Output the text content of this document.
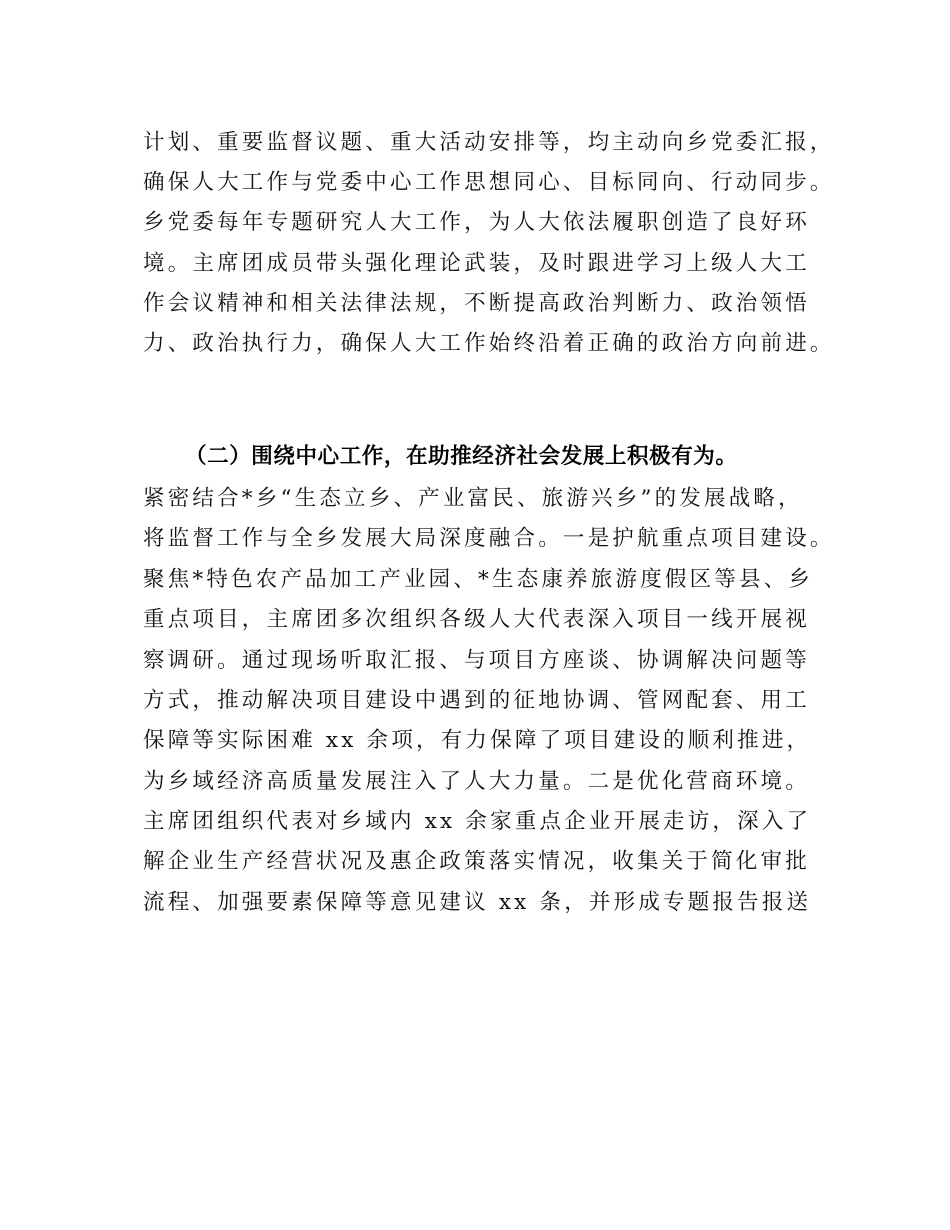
计划、重要监督议题、重大活动安排等，均主动向乡党委汇报，
确保人大工作与党委中心工作思想同心、目标同向、行动同步。
乡党委每年专题研究人大工作，为人大依法履职创造了良好环
境。主席团成员带头强化理论武装，及时跟进学习上级人大工
作会议精神和相关法律法规，不断提高政治判断力、政治领悟
力、政治执行力，确保人大工作始终沿着正确的政治方向前进。
（二）围绕中心工作，在助推经济社会发展上积极有为。
紧密结合*乡“生态立乡、产业富民、旅游兴乡”的发展战略，
将监督工作与全乡发展大局深度融合。一是护航重点项目建设。
聚焦*特色农产品加工产业园、*生态康养旅游度假区等县、乡
重点项目，主席团多次组织各级人大代表深入项目一线开展视
察调研。通过现场听取汇报、与项目方座谈、协调解决问题等
方式，推动解决项目建设中遇到的征地协调、管网配套、用工
保障等实际困难 xx 余项，有力保障了项目建设的顺利推进，
为乡域经济高质量发展注入了人大力量。二是优化营商环境。
主席团组织代表对乡域内 xx 余家重点企业开展走访，深入了
解企业生产经营状况及惠企政策落实情况，收集关于简化审批
流程、加强要素保障等意见建议 xx 条，并形成专题报告报送
